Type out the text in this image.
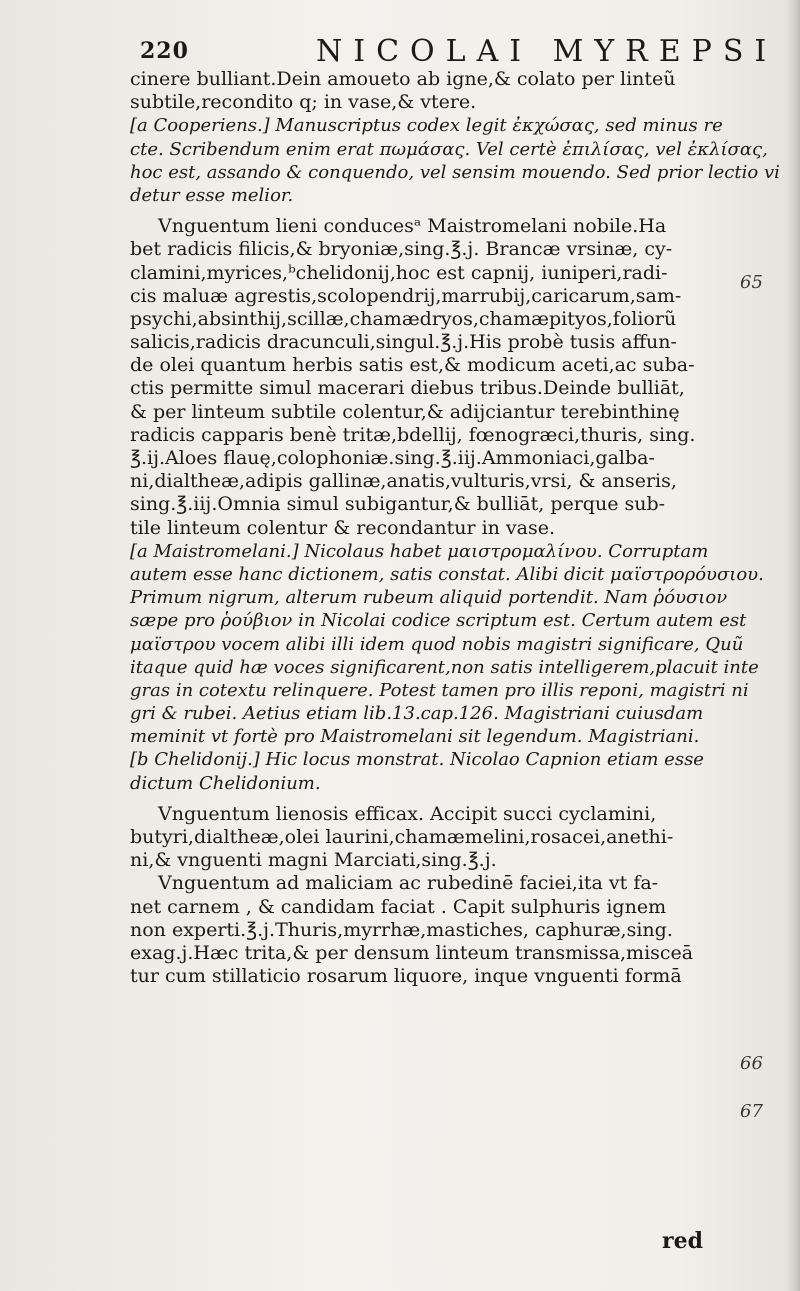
220	NICOLAI MYREPSI
cinere bulliant.Dein amoueto ab igne,& colato per linteũ
subtile,recondito q; in vase,& vtere.
[a Cooperiens.] Manuscriptus codex legit ἐκχώσας, sed minus re
cte. Scribendum enim erat πωμάσας. Vel certè ἐπιλίσας, vel ἐκλίσας,
hoc est, assando & conquendo, vel sensim mouendo. Sed prior lectio vi
detur esse melior.
Vnguentum lieni conducesᵃ Maistromelani nobile.Ha
bet radicis filicis,& bryoniæ,sing.℥.j. Brancæ vrsinæ, cy-
clamini,myrices,ᵇchelidonij,hoc est capnij, iuniperi,radi-
cis maluæ agrestis,scolopendrij,marrubij,caricarum,sam-
psychi,absinthij,scillæ,chamædryos,chamæpityos,foliorũ
salicis,radicis dracunculi,singul.℥.j.His probè tusis affun-
de olei quantum herbis satis est,& modicum aceti,ac suba-
ctis permitte simul macerari diebus tribus.Deinde bulliāt,
& per linteum subtile colentur,& adijciantur terebinthinę
radicis capparis benè tritæ,bdellij, fœnogræci,thuris, sing.
℥.ij.Aloes flauę,colophoniæ.sing.℥.iij.Ammoniaci,galba-
ni,dialthеæ,adipis gallinæ,anatis,vulturis,vrsi, & anseris,
sing.℥.iij.Omnia simul subigantur,& bulliāt, perque sub-
tile linteum colentur & recondantur in vase.
[a Maistromelani.] Nicolaus habet μαιστρομαλίνου. Corruptam
autem esse hanc dictionem, satis constat. Alibi dicit μαϊστρορόυσιου.
Primum nigrum, alterum rubeum aliquid portendit. Nam ῥόυσιον
sæpe pro ῥούβιον in Nicolai codice scriptum est. Certum autem est
μαϊστρου vocem alibi illi idem quod nobis magistri significare, Quũ
itaque quid hæ voces significarent,non satis intelligerem,placuit inte
gras in cotextu relinquere. Potest tamen pro illis reponi, magistri ni
gri & rubei. Aetius etiam lib.13.cap.126. Magistriani cuiusdam
meminit vt fortè pro Maistromelani sit legendum. Magistriani.
[b Chelidonij.] Hic locus monstrat. Nicolao Capnion etiam esse
dictum Chelidonium.
Vnguentum lienosis efficax. Accipit succi cyclamini,
butyri,dialthеæ,olei laurini,chamæmelini,rosacei,anethi-
ni,& vnguenti magni Marciati,sing.℥.j.
Vnguentum ad maliciam ac rubedinē faciei,ita vt fa-
net carnem , & candidam faciat . Capit sulphuris ignem
non experti.℥.j.Thuris,myrrhæ,mastiches, caphuræ,sing.
exag.j.Hæc trita,& per densum linteum transmissa,misceā
tur cum stillaticio rosarum liquore, inque vnguenti formā
65
66
67
red
